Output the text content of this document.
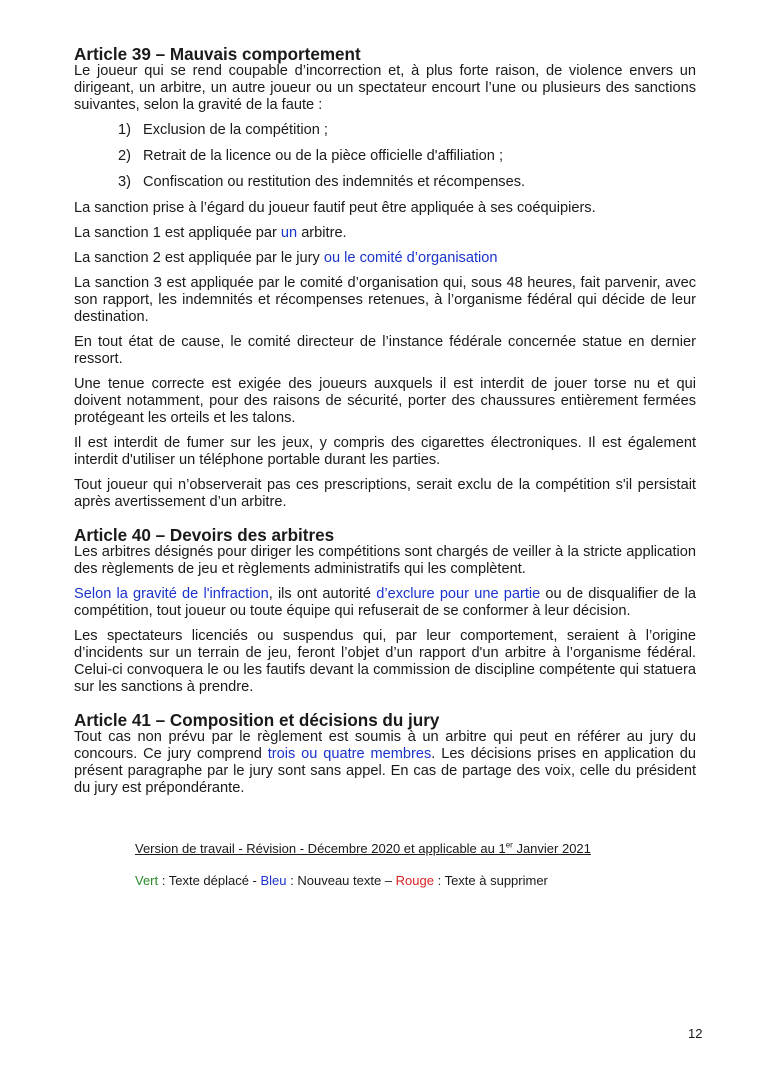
Article 39 – Mauvais comportement

Le joueur qui se rend coupable d’incorrection et, à plus forte raison, de violence envers un dirigeant, un arbitre, un autre joueur ou un spectateur encourt l’une ou plusieurs des sanctions suivantes, selon la gravité de la faute :

1) Exclusion de la compétition ;
2) Retrait de la licence ou de la pièce officielle d'affiliation ;
3) Confiscation ou restitution des indemnités et récompenses.

La sanction prise à l’égard du joueur fautif peut être appliquée à ses coéquipiers.

La sanction 1 est appliquée par un arbitre.

La sanction 2 est appliquée par le jury ou le comité d’organisation

La sanction 3 est appliquée par le comité d’organisation qui, sous 48 heures, fait parvenir, avec son rapport, les indemnités et récompenses retenues, à l’organisme fédéral qui décide de leur destination.

En tout état de cause, le comité directeur de l’instance fédérale concernée statue en dernier ressort.

Une tenue correcte est exigée des joueurs auxquels il est interdit de jouer torse nu et qui doivent notamment, pour des raisons de sécurité, porter des chaussures entièrement fermées protégeant les orteils et les talons.

Il est interdit de fumer sur les jeux, y compris des cigarettes électroniques. Il est également interdit d'utiliser un téléphone portable durant les parties.

Tout joueur qui n’observerait pas ces prescriptions, serait exclu de la compétition s'il persistait après avertissement d’un arbitre.

Article 40 – Devoirs des arbitres

Les arbitres désignés pour diriger les compétitions sont chargés de veiller à la stricte application des règlements de jeu et règlements administratifs qui les complètent.

Selon la gravité de l'infraction, ils ont autorité d’exclure pour une partie ou de disqualifier de la compétition, tout joueur ou toute équipe qui refuserait de se conformer à leur décision.

Les spectateurs licenciés ou suspendus qui, par leur comportement, seraient à l’origine d’incidents sur un terrain de jeu, feront l’objet d’un rapport d'un arbitre à l’organisme fédéral. Celui-ci convoquera le ou les fautifs devant la commission de discipline compétente qui statuera sur les sanctions à prendre.

Article 41 – Composition et décisions du jury

Tout cas non prévu par le règlement est soumis à un arbitre qui peut en référer au jury du concours. Ce jury comprend trois ou quatre membres. Les décisions prises en application du présent paragraphe par le jury sont sans appel. En cas de partage des voix, celle du président du jury est prépondérante.

Version de travail - Révision - Décembre 2020 et applicable au 1er Janvier 2021
Vert : Texte déplacé - Bleu : Nouveau texte – Rouge : Texte à supprimer
12
